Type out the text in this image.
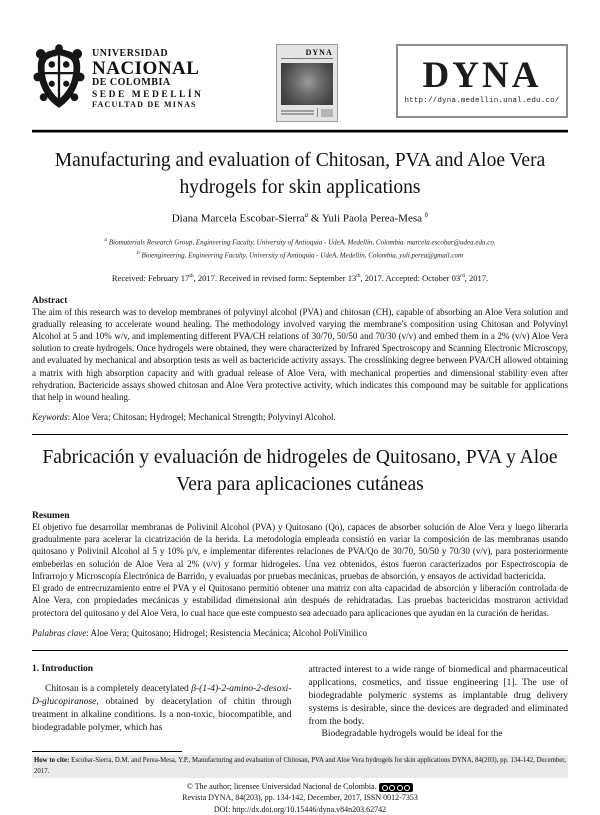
UNIVERSIDAD
NACIONAL
DE COLOMBIA
SEDE MEDELLÍN
FACULTAD DE MINAS
DYNA
DYNA
http://dyna.medellin.unal.edu.co/
Manufacturing and evaluation of Chitosan, PVA and Aloe Vera hydrogels for skin applications
Diana Marcela Escobar-Sierra$^a$ & Yuli Paola Perea-Mesa $^b$
$^a$ Biomaterials Research Group, Engineering Faculty, University of Antioquia - UdeA, Medellín, Colombia. marcela.escobar@udea.edu.co.
$^b$ Bioengineering, Engineering Faculty, University of Antioquia - UdeA, Medellín, Colombia. yuli.perea@gmail.com
Received: February 17th, 2017. Received in revised form: September 13th, 2017. Accepted: October 03rd, 2017.
Abstract
The aim of this research was to develop membranes of polyvinyl alcohol (PVA) and chitosan (CH), capable of absorbing an Aloe Vera solution and gradually releasing to accelerate wound healing. The methodology involved varying the membrane's composition using Chitosan and Polyvinyl Alcohol at 5 and 10% w/v, and implementing different PVA/CH relations of 30/70, 50/50 and 70/30 (v/v) and embed them in a 2% (v/v) Aloe Vera solution to create hydrogels. Once hydrogels were obtained, they were characterized by Infrared Spectroscopy and Scanning Electronic Microscopy, and evaluated by mechanical and absorption tests as well as bactericide activity assays. The crosslinking degree between PVA/CH allowed obtaining a matrix with high absorption capacity and with gradual release of Aloe Vera, with mechanical properties and dimensional stability even after rehydration. Bactericide assays showed chitosan and Aloe Vera protective activity, which indicates this compound may be suitable for applications that help in wound healing.
Keywords: Aloe Vera; Chitosan; Hydrogel; Mechanical Strength; Polyvinyl Alcohol.
Fabricación y evaluación de hidrogeles de Quitosano, PVA y Aloe Vera para aplicaciones cutáneas
Resumen
El objetivo fue desarrollar membranas de Polivinil Alcohol (PVA) y Quitosano (Qo), capaces de absorber solución de Aloe Vera y luego liberarla gradualmente para acelerar la cicatrización de la herida. La metodología empleada consistió en variar la composición de las membranas usando quitosano y Polivinil Alcohol al 5 y 10% p/v, e implementar diferentes relaciones de PVA/Qo de 30/70, 50/50 y 70/30 (v/v), para posteriormente embeberlas en solución de Aloe Vera al 2% (v/v) y formar hidrogeles. Una vez obtenidos, éstos fueron caracterizados por Espectroscopía de Infrarrojo y Microscopía Electrónica de Barrido, y evaluadas por pruebas mecánicas, pruebas de absorción, y ensayos de actividad bactericida.
El grado de entrecruzamiento entre el PVA y el Quitosano permitió obtener una matriz con alta capacidad de absorción y liberación controlada de Aloe Vera, con propiedades mecánicas y estabilidad dimensional aún después de rehidratadas. Las pruebas bactericidas mostraron actividad protectora del quitosano y del Aloe Vera, lo cual hace que este compuesto sea adecuado para aplicaciones que ayudan en la curación de heridas.
Palabras clave: Aloe Vera; Quitosano; Hidrogel; Resistencia Mecánica; Alcohol PoliVinilico
1. Introduction
Chitosan is a completely deacetylated β-(1-4)-2-amino-2-desoxi-D-glucopiranose, obtained by deacetylation of chitin through treatment in alkaline conditions. Is a non-toxic, biocompatible, and biodegradable polymer, which has
attracted interest to a wide range of biomedical and pharmaceutical applications, cosmetics, and tissue engineering [1]. The use of biodegradable polymeric systems as implantable drug delivery systems is desirable, since the devices are degraded and eliminated from the body.
Biodegradable hydrogels would be ideal for the
How to cite: Escobar-Sierra, D.M. and Perea-Mesa, Y.P., Manufacturing and evaluation of Chitosan, PVA and Aloe Vera hydrogels for skin applications DYNA, 84(203), pp. 134-142, December, 2017.
© The author; licensee Universidad Nacional de Colombia.
Revista DYNA, 84(203), pp. 134-142, December, 2017, ISSN 0012-7353
DOI: http://dx.doi.org/10.15446/dyna.v84n203.62742
